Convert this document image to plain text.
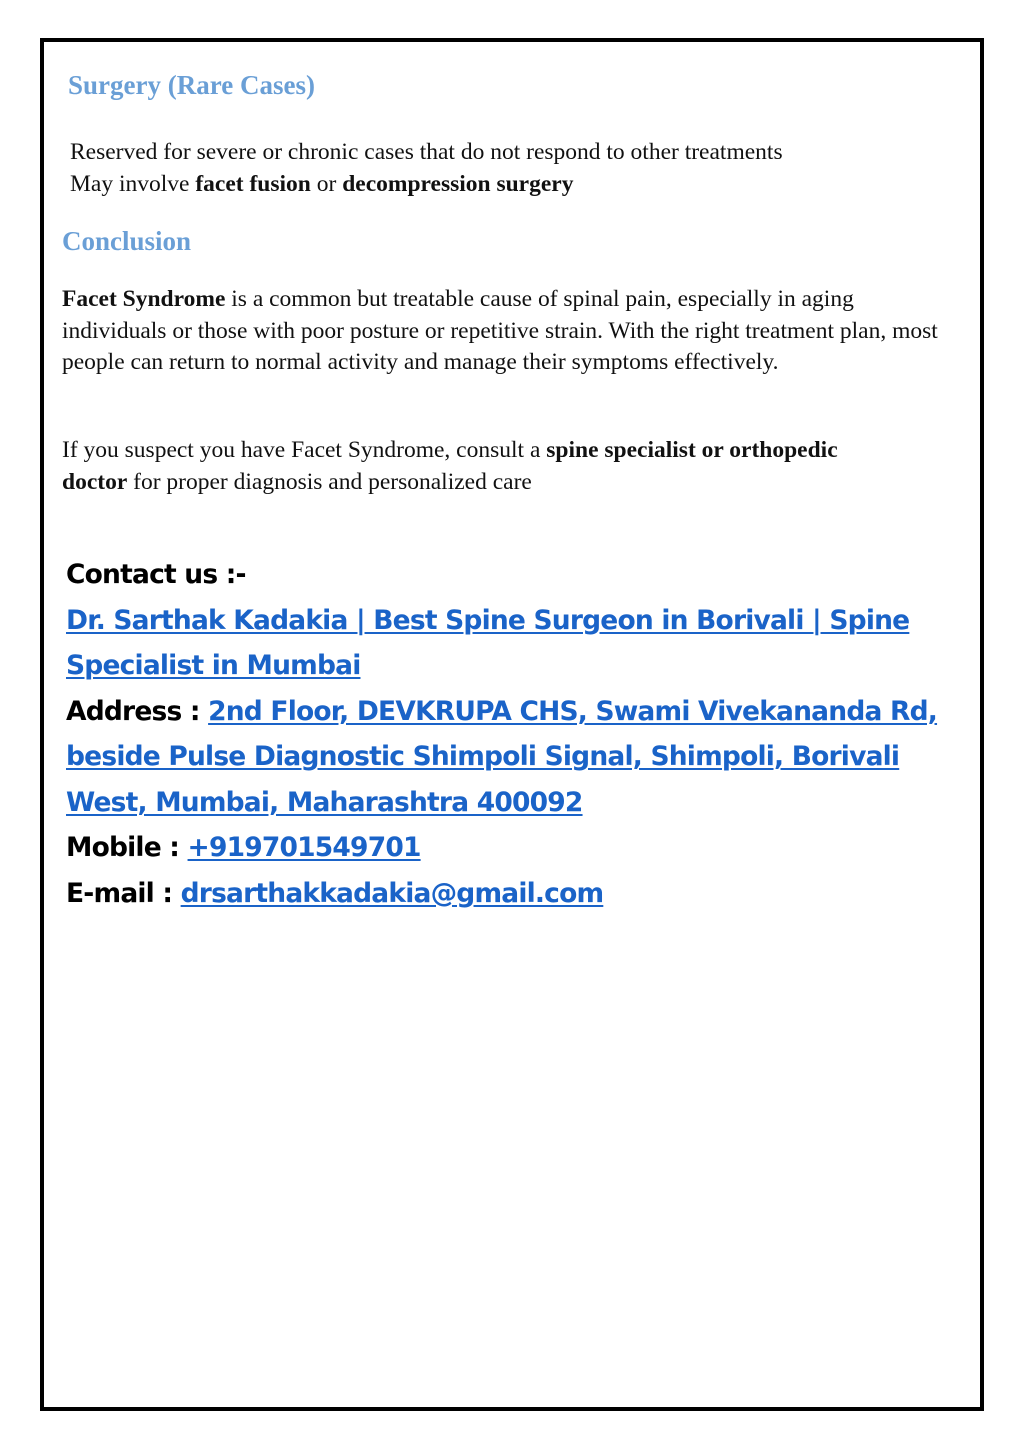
Surgery (Rare Cases)

Reserved for severe or chronic cases that do not respond to other treatments
May involve facet fusion or decompression surgery

Conclusion

Facet Syndrome is a common but treatable cause of spinal pain, especially in aging individuals or those with poor posture or repetitive strain. With the right treatment plan, most people can return to normal activity and manage their symptoms effectively.

If you suspect you have Facet Syndrome, consult a spine specialist or orthopedic doctor for proper diagnosis and personalized care

Contact us :-
Dr. Sarthak Kadakia | Best Spine Surgeon in Borivali | Spine Specialist in Mumbai
Address : 2nd Floor, DEVKRUPA CHS, Swami Vivekananda Rd, beside Pulse Diagnostic Shimpoli Signal, Shimpoli, Borivali West, Mumbai, Maharashtra 400092
Mobile : +919701549701
E-mail : drsarthakkadakia@gmail.com
